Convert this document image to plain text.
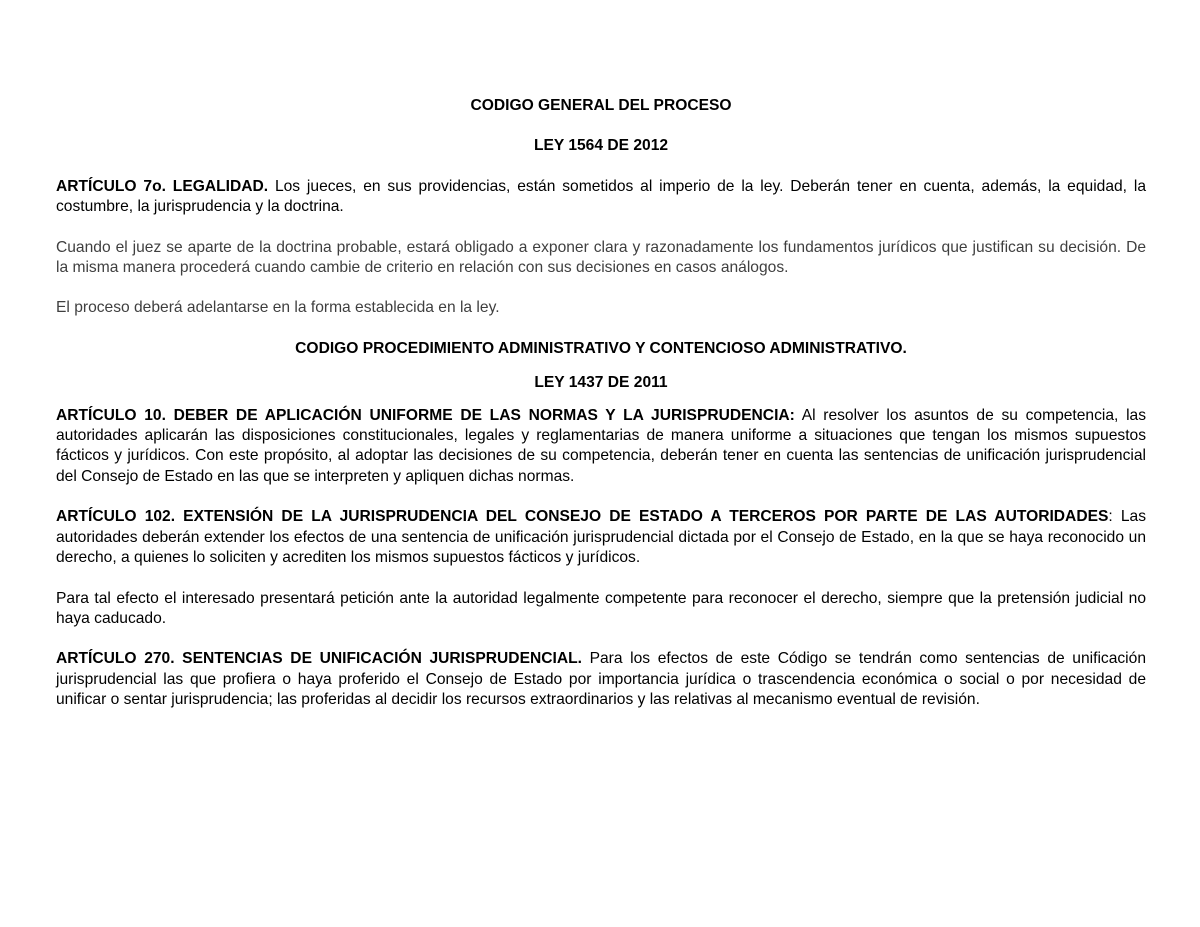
CODIGO GENERAL DEL PROCESO

LEY 1564 DE 2012

ARTÍCULO 7o. LEGALIDAD. Los jueces, en sus providencias, están sometidos al imperio de la ley. Deberán tener en cuenta, además, la equidad, la costumbre, la jurisprudencia y la doctrina.

Cuando el juez se aparte de la doctrina probable, estará obligado a exponer clara y razonadamente los fundamentos jurídicos que justifican su decisión. De la misma manera procederá cuando cambie de criterio en relación con sus decisiones en casos análogos.

El proceso deberá adelantarse en la forma establecida en la ley.

CODIGO PROCEDIMIENTO ADMINISTRATIVO Y CONTENCIOSO ADMINISTRATIVO.

LEY 1437 DE 2011

ARTÍCULO 10. DEBER DE APLICACIÓN UNIFORME DE LAS NORMAS Y LA JURISPRUDENCIA: Al resolver los asuntos de su competencia, las autoridades aplicarán las disposiciones constitucionales, legales y reglamentarias de manera uniforme a situaciones que tengan los mismos supuestos fácticos y jurídicos. Con este propósito, al adoptar las decisiones de su competencia, deberán tener en cuenta las sentencias de unificación jurisprudencial del Consejo de Estado en las que se interpreten y apliquen dichas normas.

ARTÍCULO 102. EXTENSIÓN DE LA JURISPRUDENCIA DEL CONSEJO DE ESTADO A TERCEROS POR PARTE DE LAS AUTORIDADES: Las autoridades deberán extender los efectos de una sentencia de unificación jurisprudencial dictada por el Consejo de Estado, en la que se haya reconocido un derecho, a quienes lo soliciten y acrediten los mismos supuestos fácticos y jurídicos.

Para tal efecto el interesado presentará petición ante la autoridad legalmente competente para reconocer el derecho, siempre que la pretensión judicial no haya caducado.

ARTÍCULO 270. SENTENCIAS DE UNIFICACIÓN JURISPRUDENCIAL. Para los efectos de este Código se tendrán como sentencias de unificación jurisprudencial las que profiera o haya proferido el Consejo de Estado por importancia jurídica o trascendencia económica o social o por necesidad de unificar o sentar jurisprudencia; las proferidas al decidir los recursos extraordinarios y las relativas al mecanismo eventual de revisión.
